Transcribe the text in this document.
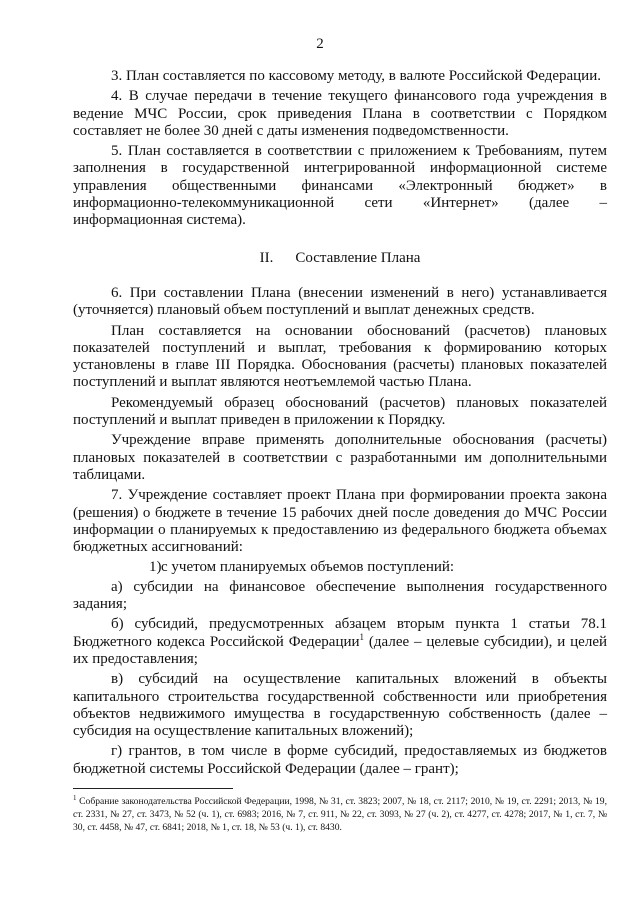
2

3. План составляется по кассовому методу, в валюте Российской Федерации.

4. В случае передачи в течение текущего финансового года учреждения в ведение МЧС России, срок приведения Плана в соответствии с Порядком составляет не более 30 дней с даты изменения подведомственности.

5. План составляется в соответствии с приложением к Требованиям, путем заполнения в государственной интегрированной информационной системе управления общественными финансами «Электронный бюджет» в информационно-телекоммуникационной сети «Интернет» (далее – информационная система).

II. Составление Плана

6. При составлении Плана (внесении изменений в него) устанавливается (уточняется) плановый объем поступлений и выплат денежных средств.

План составляется на основании обоснований (расчетов) плановых показателей поступлений и выплат, требования к формированию которых установлены в главе III Порядка. Обоснования (расчеты) плановых показателей поступлений и выплат являются неотъемлемой частью Плана.

Рекомендуемый образец обоснований (расчетов) плановых показателей поступлений и выплат приведен в приложении к Порядку.

Учреждение вправе применять дополнительные обоснования (расчеты) плановых показателей в соответствии с разработанными им дополнительными таблицами.

7. Учреждение составляет проект Плана при формировании проекта закона (решения) о бюджете в течение 15 рабочих дней после доведения до МЧС России информации о планируемых к предоставлению из федерального бюджета объемах бюджетных ассигнований:

1)с учетом планируемых объемов поступлений:

а) субсидии на финансовое обеспечение выполнения государственного задания;

б) субсидий, предусмотренных абзацем вторым пункта 1 статьи 78.1 Бюджетного кодекса Российской Федерации$^1$ (далее – целевые субсидии), и целей их предоставления;

в) субсидий на осуществление капитальных вложений в объекты капитального строительства государственной собственности или приобретения объектов недвижимого имущества в государственную собственность (далее – субсидия на осуществление капитальных вложений);

г) грантов, в том числе в форме субсидий, предоставляемых из бюджетов бюджетной системы Российской Федерации (далее – грант);

$^1$ Собрание законодательства Российской Федерации, 1998, № 31, ст. 3823; 2007, № 18, ст. 2117; 2010, № 19, ст. 2291; 2013, № 19, ст. 2331, № 27, ст. 3473, № 52 (ч. 1), ст. 6983; 2016, № 7, ст. 911, № 22, ст. 3093, № 27 (ч. 2), ст. 4277, ст. 4278; 2017, № 1, ст. 7, № 30, ст. 4458, № 47, ст. 6841; 2018, № 1, ст. 18, № 53 (ч. 1), ст. 8430.
